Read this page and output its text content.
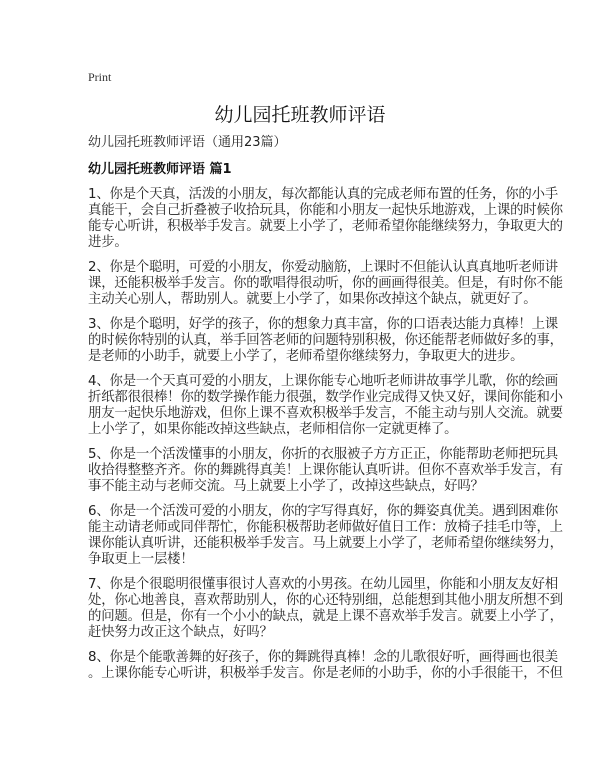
Print
幼儿园托班教师评语
幼儿园托班教师评语（通用23篇）
幼儿园托班教师评语 篇1

1、你是个天真，活泼的小朋友，每次都能认真的完成老师布置的任务，你的小手
真能干，会自己折叠被子收拾玩具，你能和小朋友一起快乐地游戏，上课的时候你
能专心听讲，积极举手发言。就要上小学了，老师希望你能继续努力，争取更大的
进步。

2、你是个聪明，可爱的小朋友，你爱动脑筋，上课时不但能认认真真地听老师讲
课，还能积极举手发言。你的歌唱得很动听，你的画画得很美。但是，有时你不能
主动关心别人，帮助别人。就要上小学了，如果你改掉这个缺点，就更好了。

3、你是个聪明，好学的孩子，你的想象力真丰富，你的口语表达能力真棒！上课
的时候你特别的认真，举手回答老师的问题特别积极，你还能帮老师做好多的事，
是老师的小助手，就要上小学了，老师希望你继续努力，争取更大的进步。

4、你是一个天真可爱的小朋友，上课你能专心地听老师讲故事学儿歌，你的绘画
折纸都很很棒！你的数学操作能力很强，数学作业完成得又快又好，课间你能和小
朋友一起快乐地游戏，但你上课不喜欢积极举手发言，不能主动与别人交流。就要
上小学了，如果你能改掉这些缺点，老师相信你一定就更棒了。

5、你是一个活泼懂事的小朋友，你折的衣服被子方方正正，你能帮助老师把玩具
收拾得整整齐齐。你的舞跳得真美！上课你能认真听讲。但你不喜欢举手发言，有
事不能主动与老师交流。马上就要上小学了，改掉这些缺点，好吗？

6、你是一个活泼可爱的小朋友，你的字写得真好，你的舞姿真优美。遇到困难你
能主动请老师或同伴帮忙，你能积极帮助老师做好值日工作：放椅子挂毛巾等，上
课你能认真听讲，还能积极举手发言。马上就要上小学了，老师希望你继续努力，
争取更上一层楼！

7、你是个很聪明很懂事很讨人喜欢的小男孩。在幼儿园里，你能和小朋友友好相
处，你心地善良，喜欢帮助别人，你的心还特别细，总能想到其他小朋友所想不到
的问题。但是，你有一个小小的缺点，就是上课不喜欢举手发言。就要上小学了，
赶快努力改正这个缺点，好吗？

8、你是个能歌善舞的好孩子，你的舞跳得真棒！念的儿歌很好听，画得画也很美
。上课你能专心听讲，积极举手发言。你是老师的小助手，你的小手很能干，不但
